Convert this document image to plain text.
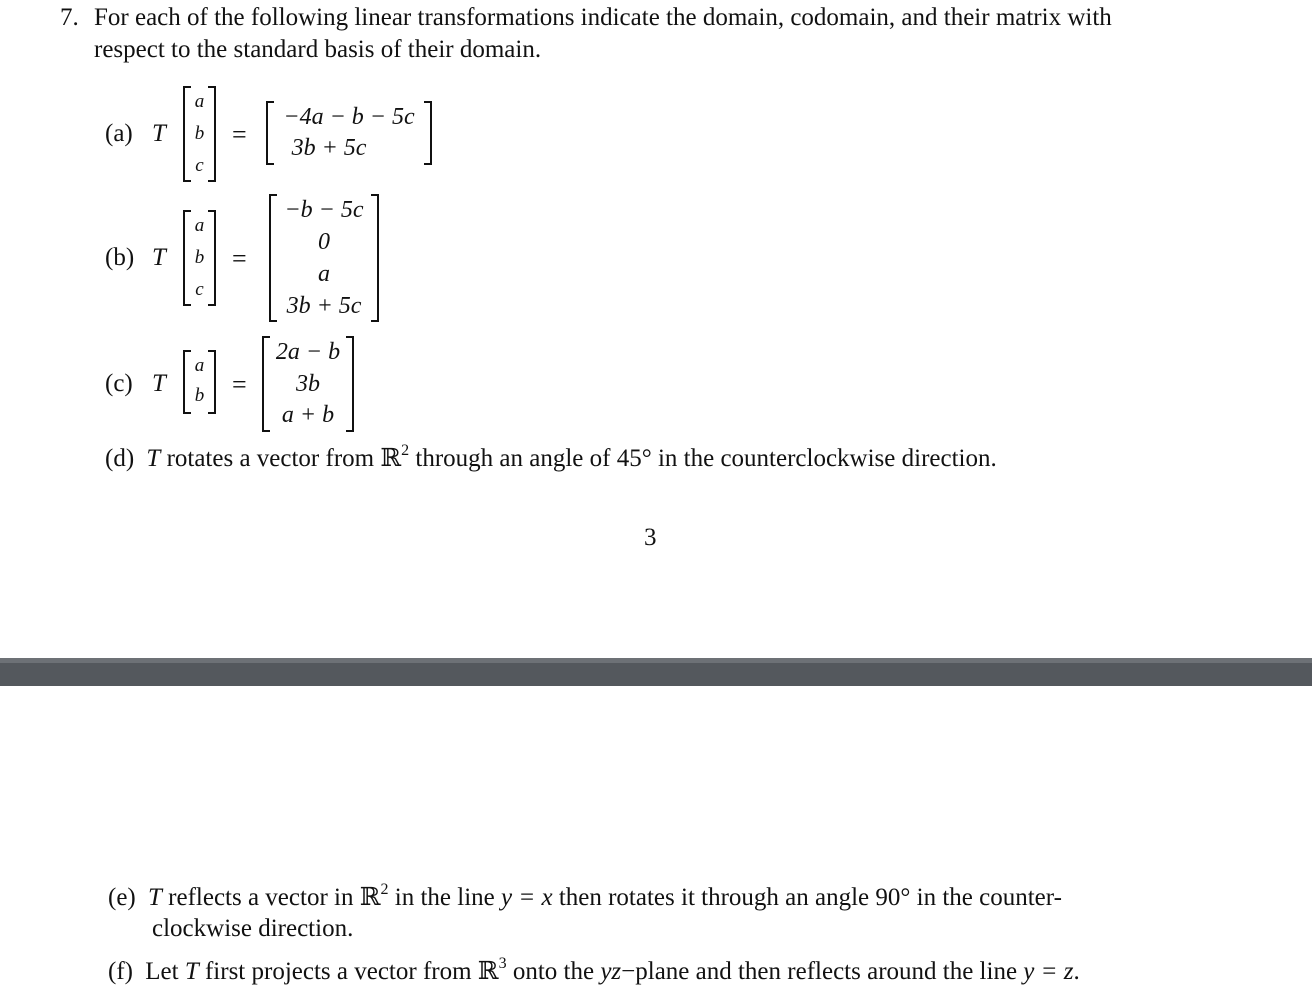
7. For each of the following linear transformations indicate the domain, codomain, and their matrix with
respect to the standard basis of their domain.
(a) T
a
b
c
=
−4a − b − 5c
3b + 5c
(b) T
a
b
c
=
−b − 5c
0
a
3b + 5c
(c) T
a
b	=
2a − b
3b
a + b
(d) T rotates a vector from ℝ$^2$ through an angle of 45° in the counterclockwise direction.
3
(e) T reflects a vector in ℝ$^2$ in the line y = x then rotates it through an angle 90° in the counter-
clockwise direction.
(f) Let T first projects a vector from ℝ$^3$ onto the yz−plane and then reflects around the line y = z.
